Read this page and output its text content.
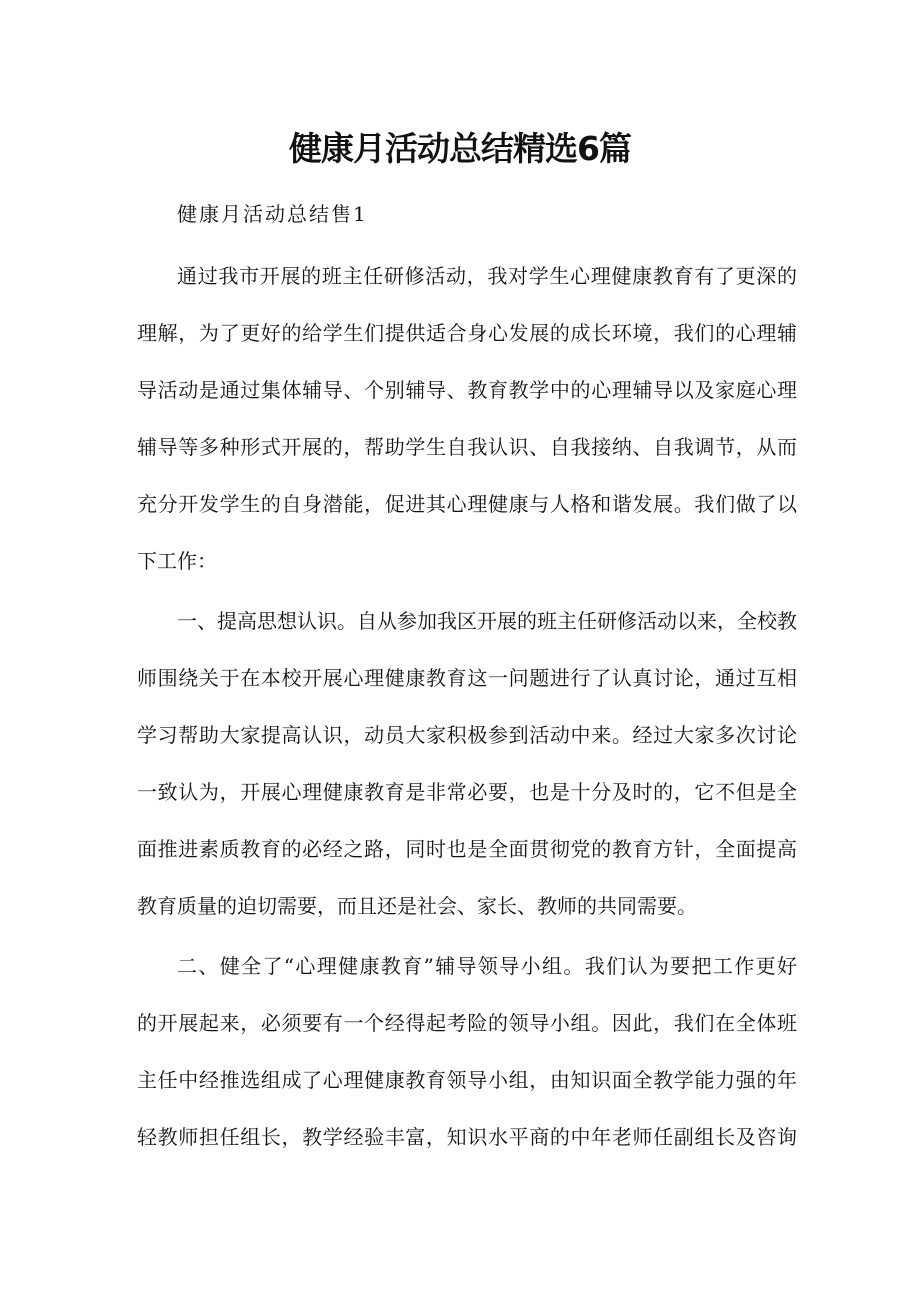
健康月活动总结精选6篇
健康月活动总结售1

通过我市开展的班主任研修活动，我对学生心理健康教育有了更深的
理解，为了更好的给学生们提供适合身心发展的成长环境，我们的心理辅
导活动是通过集体辅导、个别辅导、教育教学中的心理辅导以及家庭心理
辅导等多种形式开展的，帮助学生自我认识、自我接纳、自我调节，从而
充分开发学生的自身潜能，促进其心理健康与人格和谐发展。我们做了以
下工作：

一、提高思想认识。自从参加我区开展的班主任研修活动以来，全校教
师围绕关于在本校开展心理健康教育这一问题进行了认真讨论，通过互相
学习帮助大家提高认识，动员大家积极参到活动中来。经过大家多次讨论
一致认为，开展心理健康教育是非常必要，也是十分及时的，它不但是全
面推进素质教育的必经之路，同时也是全面贯彻党的教育方针，全面提高
教育质量的迫切需要，而且还是社会、家长、教师的共同需要。

二、健全了“心理健康教育”辅导领导小组。我们认为要把工作更好
的开展起来，必须要有一个经得起考险的领导小组。因此，我们在全体班
主任中经推选组成了心理健康教育领导小组，由知识面全教学能力强的年
轻教师担任组长，教学经验丰富，知识水平商的中年老师任副组长及咨询
